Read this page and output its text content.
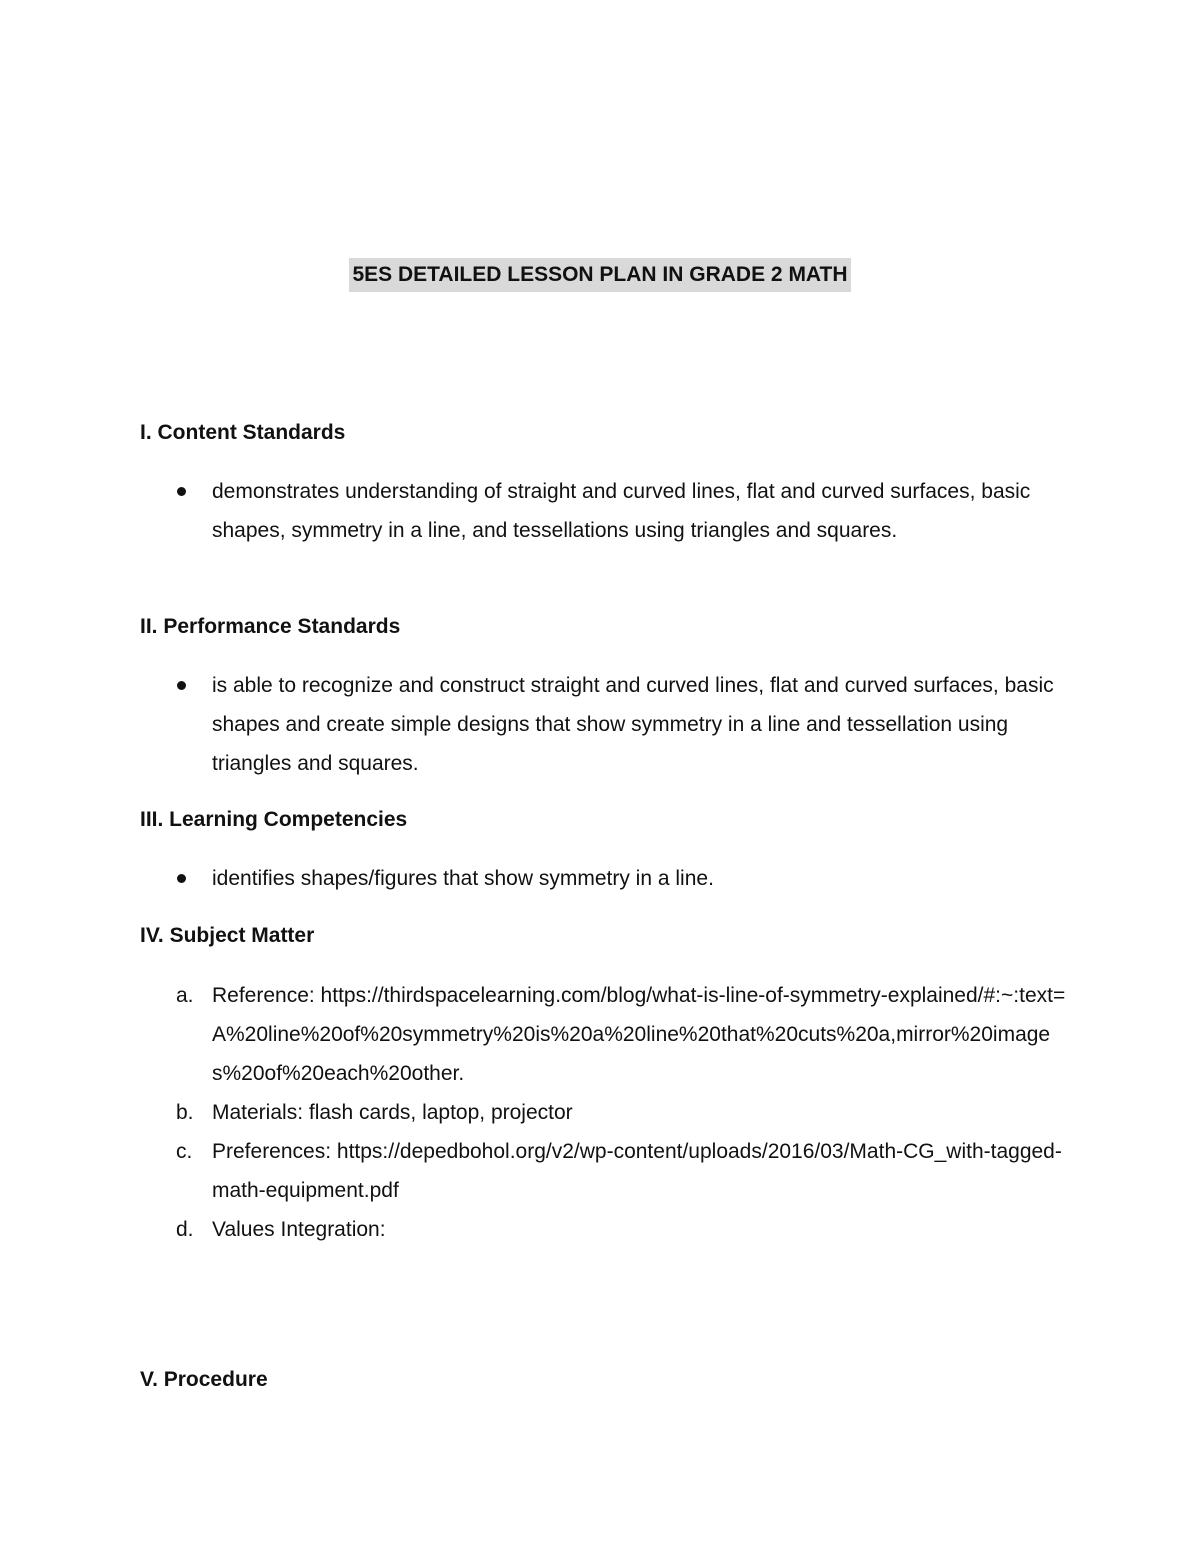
5ES DETAILED LESSON PLAN IN GRADE 2 MATH
I. Content Standards
demonstrates understanding of straight and curved lines, flat and curved surfaces, basic shapes, symmetry in a line, and tessellations using triangles and squares.
II. Performance Standards
is able to recognize and construct straight and curved lines, flat and curved surfaces, basic shapes and create simple designs that show symmetry in a line and tessellation using triangles and squares.
III. Learning Competencies
identifies shapes/figures that show symmetry in a line.
IV. Subject Matter
a. Reference: https://thirdspacelearning.com/blog/what-is-line-of-symmetry-explained/#:~:text=A%20line%20of%20symmetry%20is%20a%20line%20that%20cuts%20a,mirror%20images%20of%20each%20other.
b. Materials: flash cards, laptop, projector
c. Preferences: https://depedbohol.org/v2/wp-content/uploads/2016/03/Math-CG_with-tagged-math-equipment.pdf
d. Values Integration:
V. Procedure
